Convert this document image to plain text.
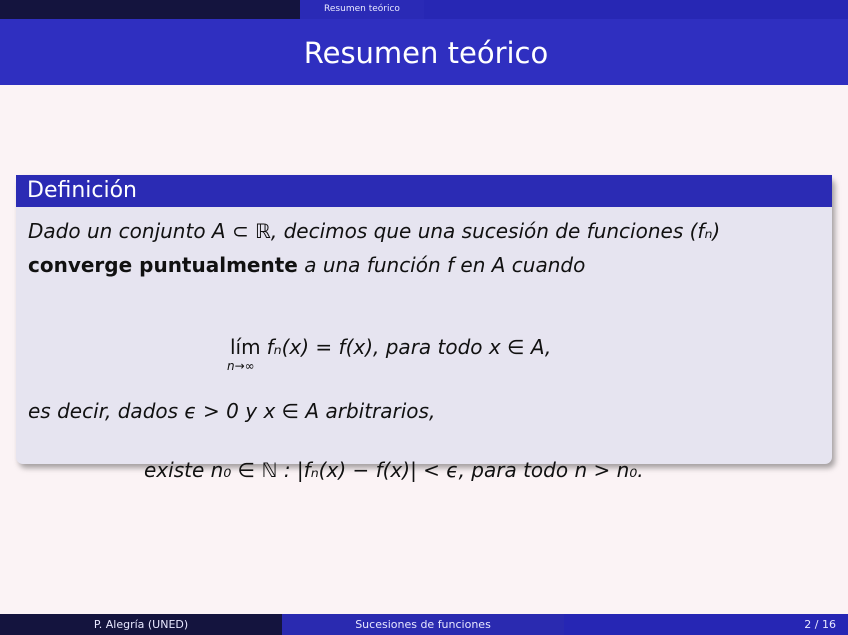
Resumen teórico
Resumen teórico
Definición
Dado un conjunto A ⊂ ℝ, decimos que una sucesión de funciones (fₙ)
converge puntualmente a una función f en A cuando
lím
n→∞
fₙ(x) = f(x), para todo x ∈ A,
es decir, dados ϵ > 0 y x ∈ A arbitrarios,
existe n₀ ∈ ℕ : |fₙ(x) − f(x)| < ϵ, para todo n > n₀.
P. Alegría (UNED)	Sucesiones de funciones	2 / 16
